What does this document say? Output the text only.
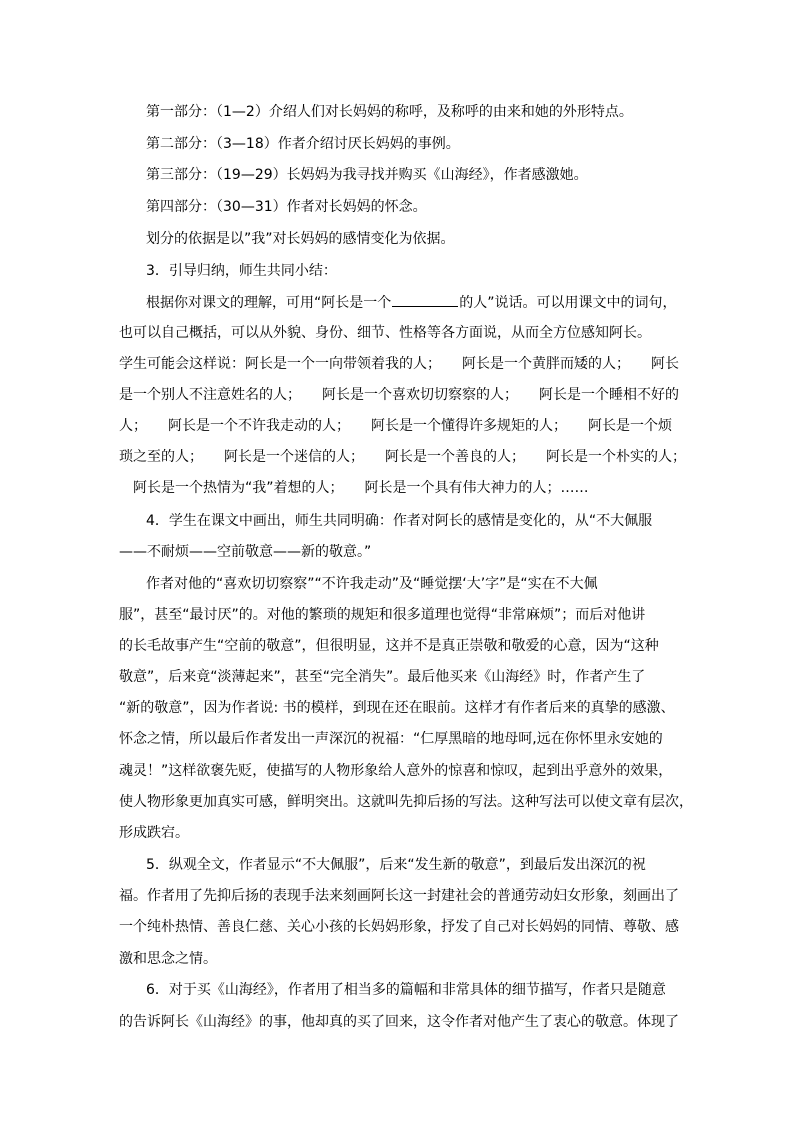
第一部分：（1—2）介绍人们对长妈妈的称呼，及称呼的由来和她的外形特点。
第二部分：（3—18）作者介绍讨厌长妈妈的事例。
第三部分：（19—29）长妈妈为我寻找并购买《山海经》，作者感激她。
第四部分：（30—31）作者对长妈妈的怀念。
划分的依据是以”我”对长妈妈的感情变化为依据。
3．引导归纳，师生共同小结：
根据你对课文的理解，可用“阿长是一个	的人”说话。可以用课文中的词句，
也可以自己概括，可以从外貌、身份、细节、性格等各方面说，从而全方位感知阿长。
学生可能会这样说：阿长是一个一向带领着我的人；　　阿长是一个黄胖而矮的人；　　阿长
是一个别人不注意姓名的人；　　阿长是一个喜欢切切察察的人；　　阿长是一个睡相不好的
人；　　阿长是一个不许我走动的人；　　阿长是一个懂得许多规矩的人；　　阿长是一个烦
琐之至的人；　　阿长是一个迷信的人；　　阿长是一个善良的人；　　阿长是一个朴实的人；
阿长是一个热情为“我”着想的人；　　阿长是一个具有伟大神力的人；……
4．学生在课文中画出，师生共同明确：作者对阿长的感情是变化的，从“不大佩服
——不耐烦——空前敬意——新的敬意。”
作者对他的“喜欢切切察察”“不许我走动”及“睡觉摆‘大’字”是“实在不大佩
服”，甚至“最讨厌”的。对他的繁琐的规矩和很多道理也觉得“非常麻烦”；而后对他讲
的长毛故事产生“空前的敬意”，但很明显，这并不是真正崇敬和敬爱的心意，因为“这种
敬意”，后来竟“淡薄起来”，甚至“完全消失”。最后他买来《山海经》时，作者产生了
“新的敬意”，因为作者说: 书的模样，到现在还在眼前。这样才有作者后来的真挚的感激、
怀念之情，所以最后作者发出一声深沉的祝福：“仁厚黑暗的地母呵,远在你怀里永安她的
魂灵！”这样欲褒先贬，使描写的人物形象给人意外的惊喜和惊叹，起到出乎意外的效果，
使人物形象更加真实可感，鲜明突出。这就叫先抑后扬的写法。这种写法可以使文章有层次，
形成跌宕。
5．纵观全文，作者显示“不大佩服”，后来“发生新的敬意”，到最后发出深沉的祝
福。作者用了先抑后扬的表现手法来刻画阿长这一封建社会的普通劳动妇女形象，刻画出了
一个纯朴热情、善良仁慈、关心小孩的长妈妈形象，抒发了自己对长妈妈的同情、尊敬、感
激和思念之情。
6．对于买《山海经》，作者用了相当多的篇幅和非常具体的细节描写，作者只是随意
的告诉阿长《山海经》的事，他却真的买了回来，这令作者对他产生了衷心的敬意。体现了
